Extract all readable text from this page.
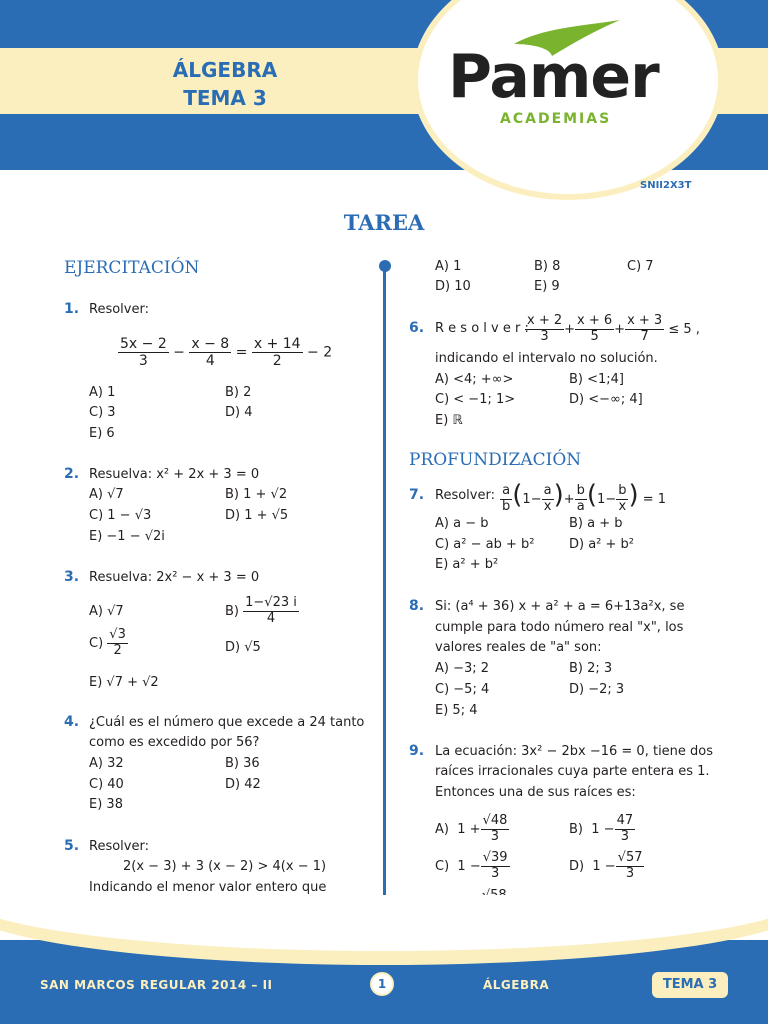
ÁLGEBRA
TEMA 3	Pamer
ACADEMIAS
SNII2X3T
TAREA
EJERCITACIÓN
1. Resolver:
$\frac{5x - 2}{3} - \frac{x - 8}{4} = \frac{x + 14}{2} - 2$
A) 1	B) 2
C) 3	D) 4
E) 6
2. Resuelva: x² + 2x + 3 = 0
A) √7	B) 1 + √2
C) 1 − √3	D) 1 + √5
E) −1 − √2i
3. Resuelva: 2x² − x + 3 = 0
A) √7	$B) \frac{1-√23 i}{4}$
$C) \frac{√3}{2}$	D) √5
E) √7 + √2
4. ¿Cuál es el número que excede a 24 tanto
como es excedido por 56?
A) 32	B) 36
C) 40	D) 42
E) 38
5. Resolver:
2(x − 3) + 3 (x − 2) > 4(x − 1)
Indicando el menor valor entero que
A) 1	B) 8	C) 7
D) 10	E) 9
6. R e s o l v e r :
$\frac{x + 2}{3} + \frac{x + 6}{5} + \frac{x + 3}{7} \le 5$ ,
indicando el intervalo no solución.
A) <4; +∞>	B) <1;4]
C) < −1; 1>	D) <−∞; 4]
E) ℝ
PROFUNDIZACIÓN
7. Resolver: $\frac{a}{b} (1- \frac{a}{x}$ )+ $\frac{b}{a} (1- \frac{b}{x}$ ) = 1
A) a − b	B) a + b
C) a² − ab + b²	D) a² + b²
E) a² + b²
8. Si: (a⁴ + 36) x + a² + a = 6+13a²x, se
cumple para todo número real "x", los
valores reales de "a" son:
A) −3; 2	B) 2; 3
C) −5; 4	D) −2; 3
E) 5; 4
9. La ecuación: 3x² − 2bx −16 = 0, tiene dos
raíces irracionales cuya parte entera es 1.
Entonces una de sus raíces es:
A) $1 + \frac{√48}{3}$	B) $1 - \frac{47}{3}$
C) $1 - \frac{√39}{3}$	D) $1 - \frac{√57}{3}$

SAN MARCOS REGULAR 2014 – II	1	ÁLGEBRA	TEMA 3
